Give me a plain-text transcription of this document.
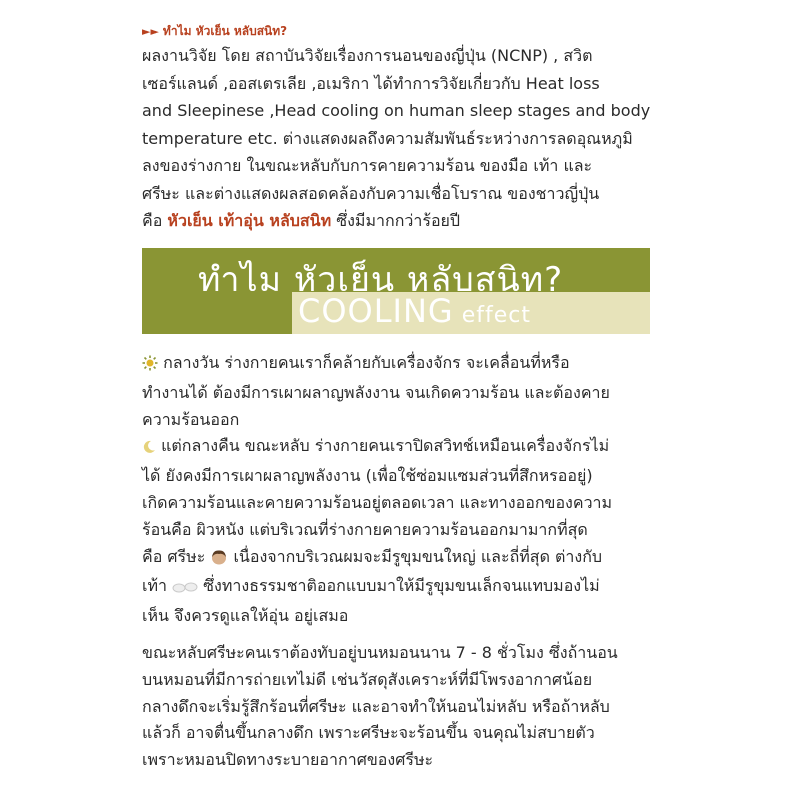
►► ทำไม หัวเย็น หลับสนิท?

ผลงานวิจัย โดย สถาบันวิจัยเรื่องการนอนของญี่ปุ่น (NCNP) , สวิต

เซอร์แลนด์ ,ออสเตรเลีย ,อเมริกา ได้ทำการวิจัยเกี่ยวกับ Heat loss

and Sleepinese ,Head cooling on human sleep stages and body

temperature etc. ต่างแสดงผลถึงความสัมพันธ์ระหว่างการลดอุณหภูมิ

ลงของร่างกาย ในขณะหลับกับการคายความร้อน ของมือ เท้า และ

ศรีษะ และต่างแสดงผลสอดคล้องกับความเชื่อโบราณ ของชาวญี่ปุ่น

คือ หัวเย็น เท้าอุ่น หลับสนิท ซึ่งมีมากกว่าร้อยปี

ทำไม หัวเย็น หลับสนิท?
COOLING effect

กลางวัน ร่างกายคนเราก็คล้ายกับเครื่องจักร จะเคลื่อนที่หรือ

ทำงานได้ ต้องมีการเผาผลาญพลังงาน จนเกิดความร้อน และต้องคาย

ความร้อนออก

แต่กลางคืน ขณะหลับ ร่างกายคนเราปิดสวิทช์เหมือนเครื่องจักรไม่

ได้ ยังคงมีการเผาผลาญพลังงาน (เพื่อใช้ซ่อมแซมส่วนที่สึกหรออยู่)

เกิดความร้อนและคายความร้อนอยู่ตลอดเวลา และทางออกของความ

ร้อนคือ ผิวหนัง แต่บริเวณที่ร่างกายคายความร้อนออกมามากที่สุด

คือ ศรีษะ  เนื่องจากบริเวณผมจะมีรูขุมขนใหญ่ และถี่ที่สุด ต่างกับ

เท้า  ซึ่งทางธรรมชาติออกแบบมาให้มีรูขุมขนเล็กจนแทบมองไม่

เห็น จึงควรดูแลให้อุ่น อยู่เสมอ

ขณะหลับศรีษะคนเราต้องทับอยู่บนหมอนนาน 7 - 8 ชั่วโมง ซึ่งถ้านอน

บนหมอนที่มีการถ่ายเทไม่ดี เช่นวัสดุสังเคราะห์ที่มีโพรงอากาศน้อย

กลางดึกจะเริ่มรู้สึกร้อนที่ศรีษะ และอาจทำให้นอนไม่หลับ หรือถ้าหลับ

แล้วก็ อาจตื่นขึ้นกลางดึก เพราะศรีษะจะร้อนขึ้น จนคุณไม่สบายตัว

เพราะหมอนปิดทางระบายอากาศของศรีษะ
